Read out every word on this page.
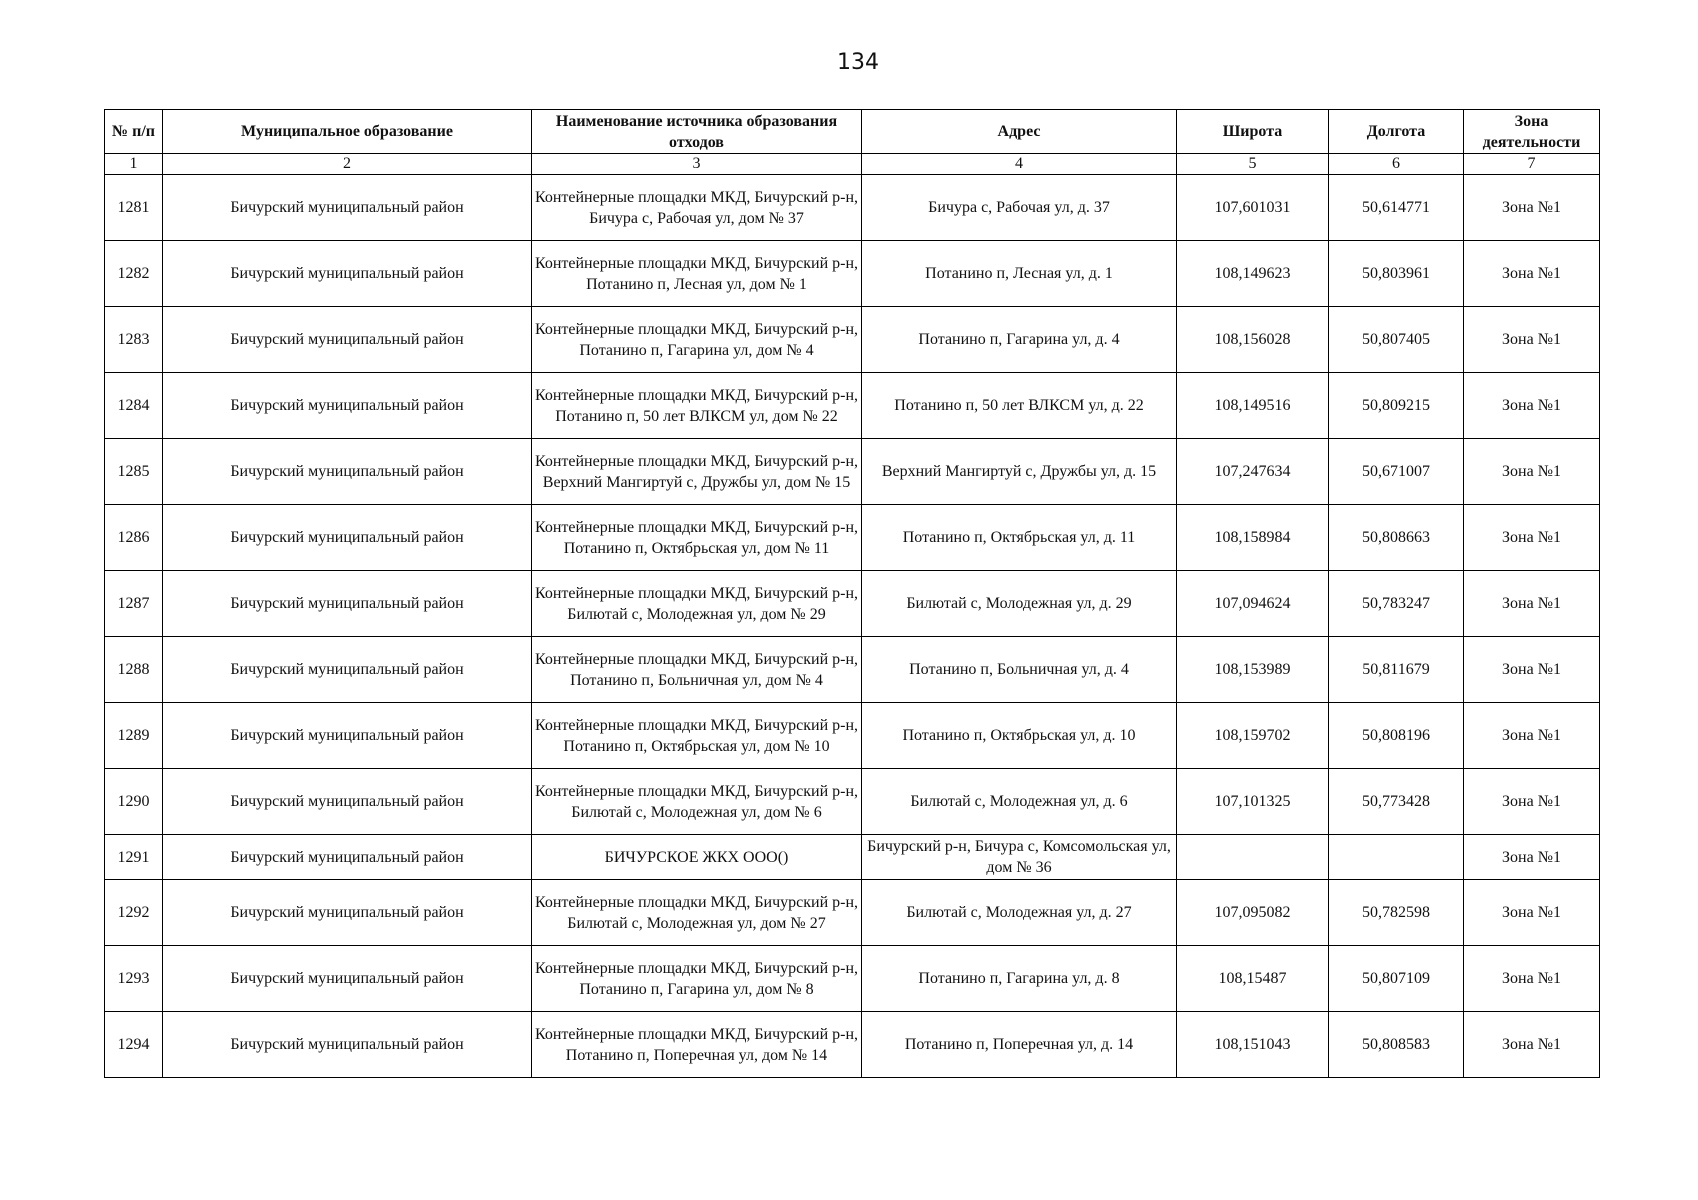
134
№ п/п	Муниципальное образование	Наименование источника образования отходов	Адрес	Широта	Долгота	Зона деятельности
1	2	3	4	5	6	7
1281	Бичурский муниципальный район	Контейнерные площадки МКД, Бичурский р-н, Бичура с, Рабочая ул, дом № 37	Бичура с, Рабочая ул, д. 37	107,601031	50,614771	Зона №1
1282	Бичурский муниципальный район	Контейнерные площадки МКД, Бичурский р-н, Потанино п, Лесная ул, дом № 1	Потанино п, Лесная ул, д. 1	108,149623	50,803961	Зона №1
1283	Бичурский муниципальный район	Контейнерные площадки МКД, Бичурский р-н, Потанино п, Гагарина ул, дом № 4	Потанино п, Гагарина ул, д. 4	108,156028	50,807405	Зона №1
1284	Бичурский муниципальный район	Контейнерные площадки МКД, Бичурский р-н, Потанино п, 50 лет ВЛКСМ ул, дом № 22	Потанино п, 50 лет ВЛКСМ ул, д. 22	108,149516	50,809215	Зона №1
1285	Бичурский муниципальный район	Контейнерные площадки МКД, Бичурский р-н, Верхний Мангиртуй с, Дружбы ул, дом № 15	Верхний Мангиртуй с, Дружбы ул, д. 15	107,247634	50,671007	Зона №1
1286	Бичурский муниципальный район	Контейнерные площадки МКД, Бичурский р-н, Потанино п, Октябрьская ул, дом № 11	Потанино п, Октябрьская ул, д. 11	108,158984	50,808663	Зона №1
1287	Бичурский муниципальный район	Контейнерные площадки МКД, Бичурский р-н, Билютай с, Молодежная ул, дом № 29	Билютай с, Молодежная ул, д. 29	107,094624	50,783247	Зона №1
1288	Бичурский муниципальный район	Контейнерные площадки МКД, Бичурский р-н, Потанино п, Больничная ул, дом № 4	Потанино п, Больничная ул, д. 4	108,153989	50,811679	Зона №1
1289	Бичурский муниципальный район	Контейнерные площадки МКД, Бичурский р-н, Потанино п, Октябрьская ул, дом № 10	Потанино п, Октябрьская ул, д. 10	108,159702	50,808196	Зона №1
1290	Бичурский муниципальный район	Контейнерные площадки МКД, Бичурский р-н, Билютай с, Молодежная ул, дом № 6	Билютай с, Молодежная ул, д. 6	107,101325	50,773428	Зона №1
1291	Бичурский муниципальный район	БИЧУРСКОЕ ЖКХ ООО()	Бичурский р-н, Бичура с, Комсомольская ул, дом № 36			Зона №1
1292	Бичурский муниципальный район	Контейнерные площадки МКД, Бичурский р-н, Билютай с, Молодежная ул, дом № 27	Билютай с, Молодежная ул, д. 27	107,095082	50,782598	Зона №1
1293	Бичурский муниципальный район	Контейнерные площадки МКД, Бичурский р-н, Потанино п, Гагарина ул, дом № 8	Потанино п, Гагарина ул, д. 8	108,15487	50,807109	Зона №1
1294	Бичурский муниципальный район	Контейнерные площадки МКД, Бичурский р-н, Потанино п, Поперечная ул, дом № 14	Потанино п, Поперечная ул, д. 14	108,151043	50,808583	Зона №1
